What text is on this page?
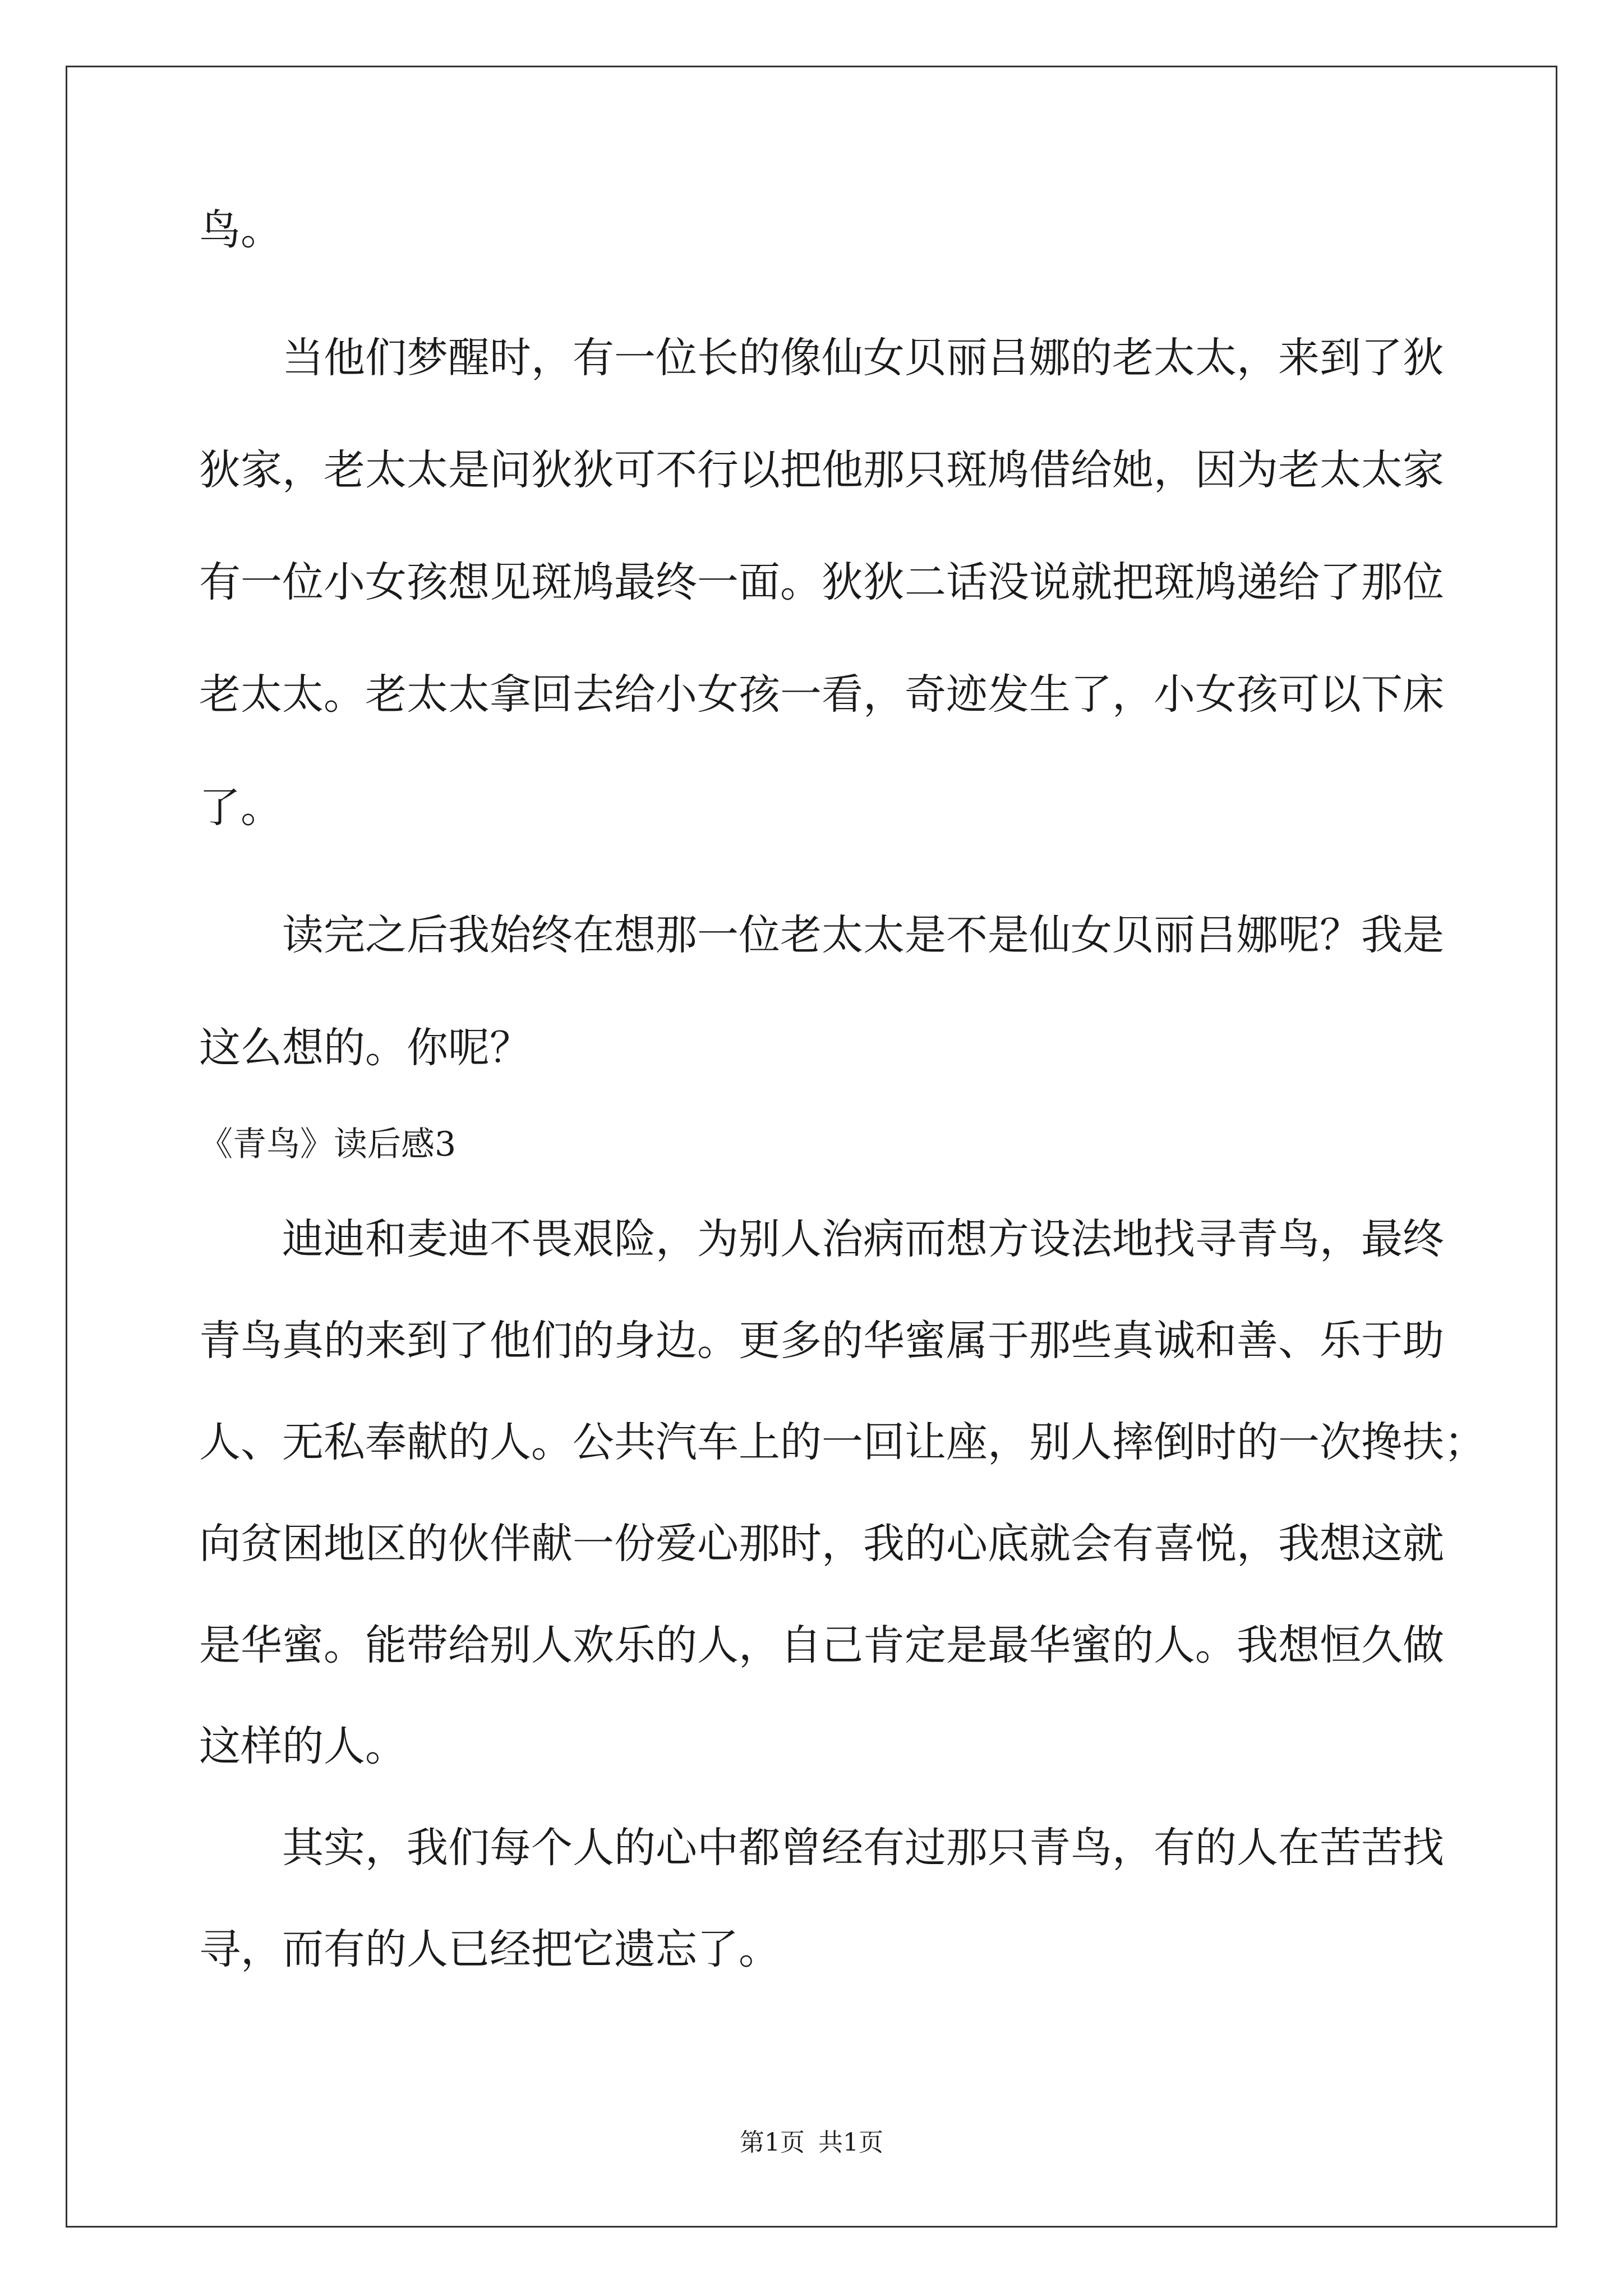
鸟。
当他们梦醒时，有一位长的像仙女贝丽吕娜的老太太，来到了狄
狄家，老太太是问狄狄可不行以把他那只斑鸠借给她，因为老太太家
有一位小女孩想见斑鸠最终一面。狄狄二话没说就把斑鸠递给了那位
老太太。老太太拿回去给小女孩一看，奇迹发生了，小女孩可以下床
了。
读完之后我始终在想那一位老太太是不是仙女贝丽吕娜呢？我是
这么想的。你呢？
《青鸟》读后感3
迪迪和麦迪不畏艰险，为别人治病而想方设法地找寻青鸟，最终
青鸟真的来到了他们的身边。更多的华蜜属于那些真诚和善、乐于助
人、无私奉献的人。公共汽车上的一回让座，别人摔倒时的一次搀扶；
向贫困地区的伙伴献一份爱心那时，我的心底就会有喜悦，我想这就
是华蜜。能带给别人欢乐的人，自己肯定是最华蜜的人。我想恒久做
这样的人。
其实，我们每个人的心中都曾经有过那只青鸟，有的人在苦苦找
寻，而有的人已经把它遗忘了。
第1页 共1页
